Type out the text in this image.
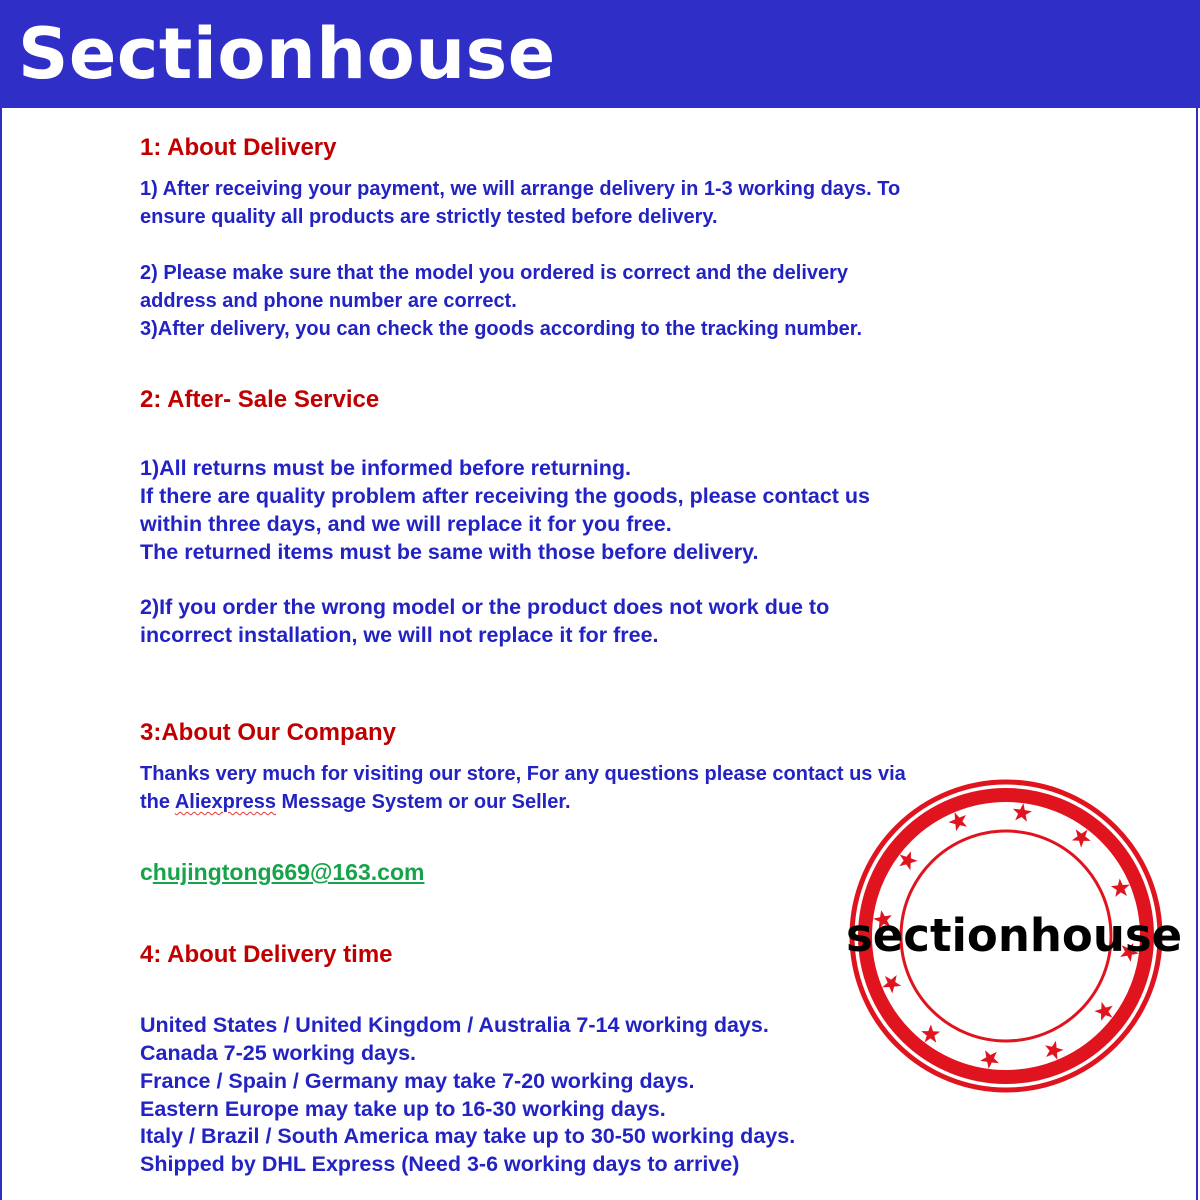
Sectionhouse

1: About Delivery

1) After receiving your payment, we will arrange delivery in 1-3 working days. To

ensure quality all products are strictly tested before delivery.

2) Please make sure that the model you ordered is correct and the delivery

address and phone number are correct.

3)After delivery, you can check the goods according to the tracking number.

2: After- Sale Service

1)All returns must be informed before returning.

If there are quality problem after receiving the goods, please contact us

within three days, and we will replace it for you free.

The returned items must be same with those before delivery.

2)If you order the wrong model or the product does not work due to

incorrect installation, we will not replace it for free.

3:About Our Company

Thanks very much for visiting our store, For any questions please contact us via

the Aliexpress Message System or our Seller.

chujingtong669@163.com

4: About Delivery time

United States / United Kingdom / Australia 7-14 working days.

Canada 7-25 working days.

France / Spain / Germany may take 7-20 working days.

Eastern Europe may take up to 16-30 working days.

Italy / Brazil / South America may take up to 30-50 working days.

Shipped by DHL Express (Need 3-6 working days to arrive)

sectionhouse
